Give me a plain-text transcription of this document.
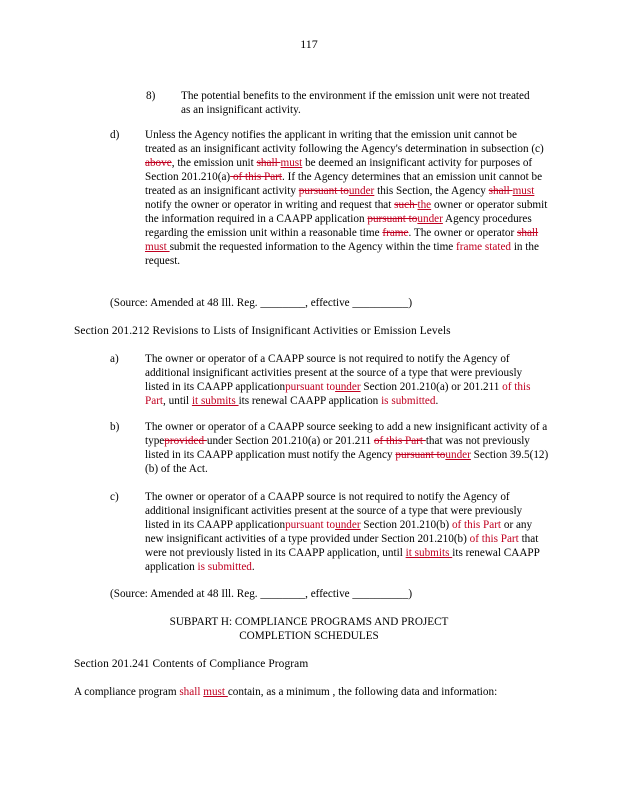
117
8) The potential benefits to the environment if the emission unit were not treated as an insignificant activity.

d) Unless the Agency notifies the applicant in writing that the emission unit cannot be treated as an insignificant activity following the Agency's determination in subsection (c) above, the emission unit shall must be deemed an insignificant activity for purposes of Section 201.210(a) of this Part. If the Agency determines that an emission unit cannot be treated as an insignificant activity pursuant tounder this Section, the Agency shall must notify the owner or operator in writing and request that such the owner or operator submit the information required in a CAAPP application pursuant tounder Agency procedures regarding the emission unit within a reasonable time frame. The owner or operator shall must submit the requested information to the Agency within the time frame stated in the request.

(Source: Amended at 48 Ill. Reg. ________, effective __________)
Section 201.212 Revisions to Lists of Insignificant Activities or Emission Levels
a) The owner or operator of a CAAPP source is not required to notify the Agency of additional insignificant activities present at the source of a type that were previously listed in its CAAPP applicationpursuant tounder Section 201.210(a) or 201.211 of this Part, until it submits its renewal CAAPP application is submitted.

b) The owner or operator of a CAAPP source seeking to add a new insignificant activity of a typeprovided under Section 201.210(a) or 201.211 of this Part that was not previously listed in its CAAPP application must notify the Agency pursuant tounder Section 39.5(12)(b) of the Act.

c) The owner or operator of a CAAPP source is not required to notify the Agency of additional insignificant activities present at the source of a type that were previously listed in its CAAPP applicationpursuant tounder Section 201.210(b) of this Part or any new insignificant activities of a type provided under Section 201.210(b) of this Part that were not previously listed in its CAAPP application, until it submits its renewal CAAPP application is submitted.

(Source: Amended at 48 Ill. Reg. ________, effective __________)
SUBPART H: COMPLIANCE PROGRAMS AND PROJECT
COMPLETION SCHEDULES
Section 201.241 Contents of Compliance Program

A compliance program shall must contain, as a minimum , the following data and information:
